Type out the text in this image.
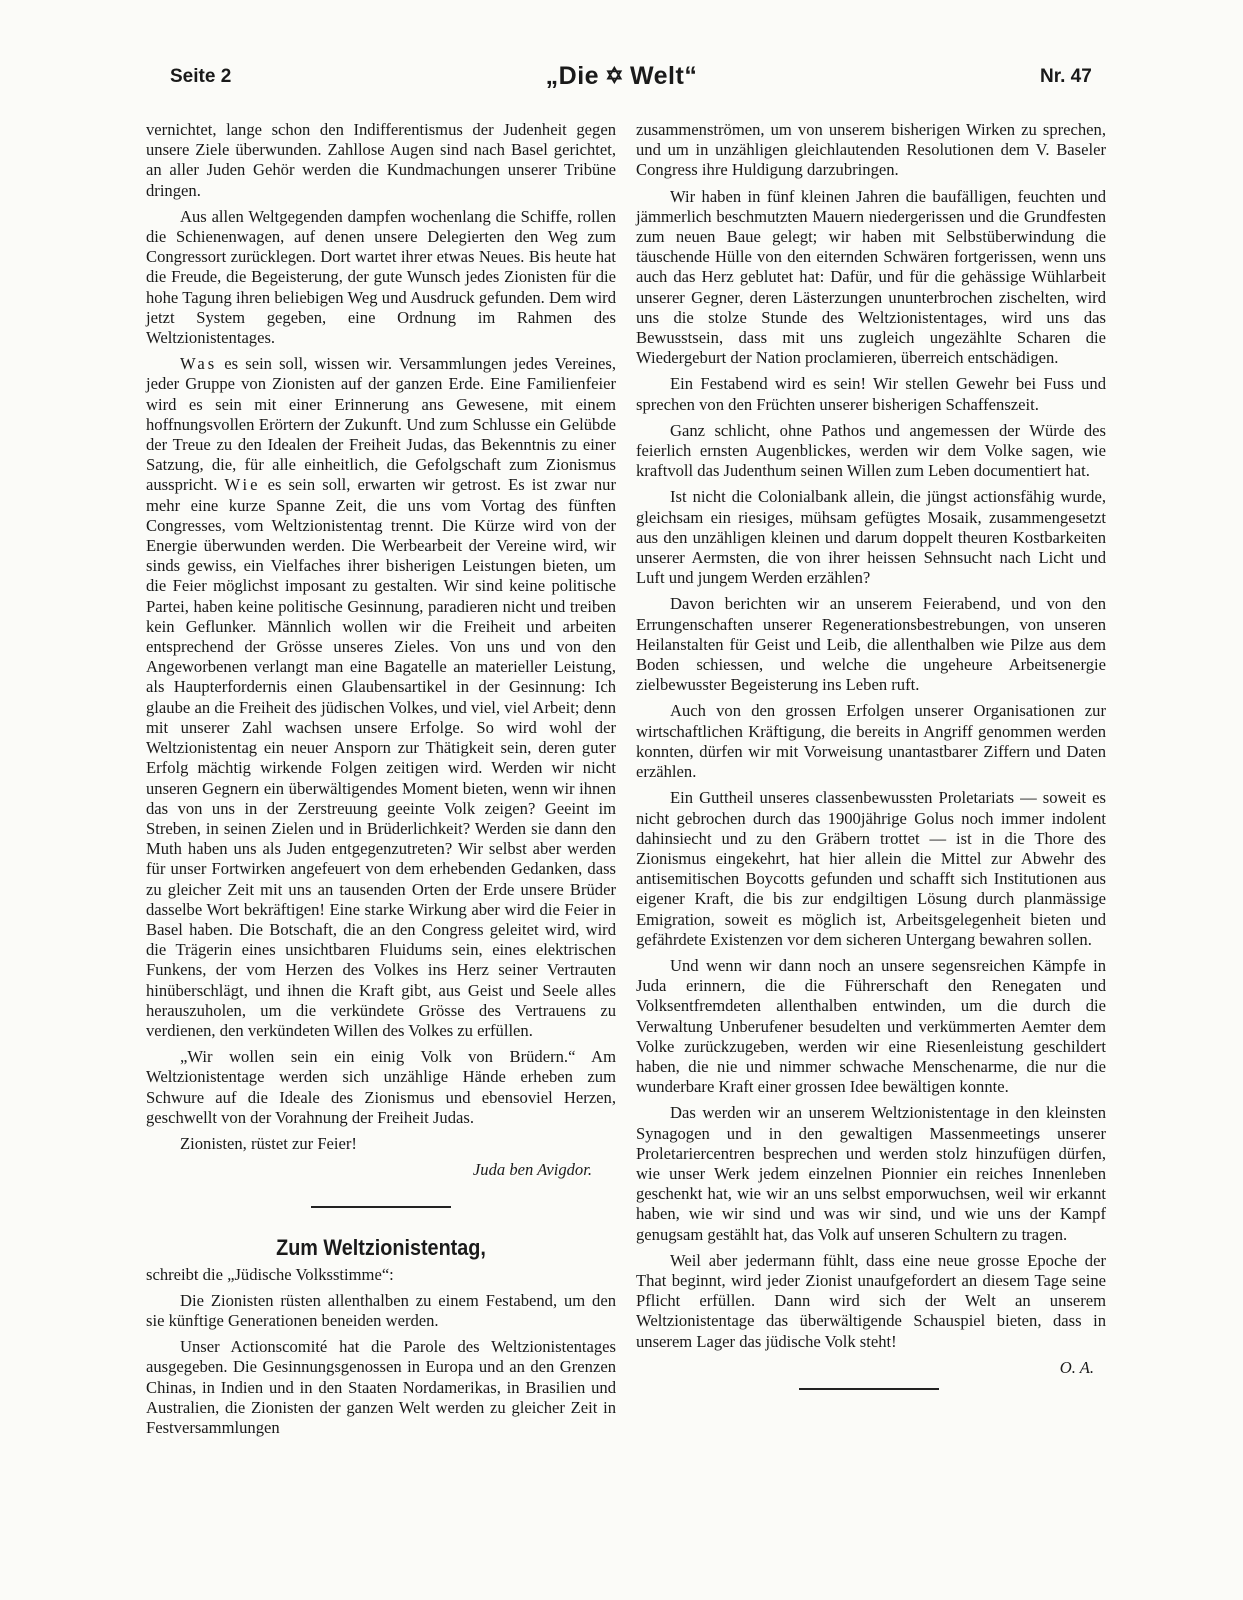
Seite 2	„Die ✡ Welt“	Nr. 47

vernichtet, lange schon den Indifferentismus der Judenheit gegen unsere Ziele überwunden. Zahllose Augen sind nach Basel gerichtet, an aller Juden Gehör werden die Kundmachungen unserer Tribüne dringen.

Aus allen Weltgegenden dampfen wochenlang die Schiffe, rollen die Schienenwagen, auf denen unsere Delegierten den Weg zum Congressort zurücklegen. Dort wartet ihrer etwas Neues. Bis heute hat die Freude, die Begeisterung, der gute Wunsch jedes Zionisten für die hohe Tagung ihren beliebigen Weg und Ausdruck gefunden. Dem wird jetzt System gegeben, eine Ordnung im Rahmen des Weltzionistentages.

Was es sein soll, wissen wir. Versammlungen jedes Vereines, jeder Gruppe von Zionisten auf der ganzen Erde. Eine Familienfeier wird es sein mit einer Erinnerung ans Gewesene, mit einem hoffnungsvollen Erörtern der Zukunft. Und zum Schlusse ein Gelübde der Treue zu den Idealen der Freiheit Judas, das Bekenntnis zu einer Satzung, die, für alle einheitlich, die Gefolgschaft zum Zionismus ausspricht. Wie es sein soll, erwarten wir getrost. Es ist zwar nur mehr eine kurze Spanne Zeit, die uns vom Vortag des fünften Congresses, vom Weltzionistentag trennt. Die Kürze wird von der Energie überwunden werden. Die Werbearbeit der Vereine wird, wir sinds gewiss, ein Vielfaches ihrer bisherigen Leistungen bieten, um die Feier möglichst imposant zu gestalten. Wir sind keine politische Partei, haben keine politische Gesinnung, paradieren nicht und treiben kein Geflunker. Männlich wollen wir die Freiheit und arbeiten entsprechend der Grösse unseres Zieles. Von uns und von den Angeworbenen verlangt man eine Bagatelle an materieller Leistung, als Haupterfordernis einen Glaubensartikel in der Gesinnung: Ich glaube an die Freiheit des jüdischen Volkes, und viel, viel Arbeit; denn mit unserer Zahl wachsen unsere Erfolge. So wird wohl der Weltzionistentag ein neuer Ansporn zur Thätigkeit sein, deren guter Erfolg mächtig wirkende Folgen zeitigen wird. Werden wir nicht unseren Gegnern ein überwältigendes Moment bieten, wenn wir ihnen das von uns in der Zerstreuung geeinte Volk zeigen? Geeint im Streben, in seinen Zielen und in Brüderlichkeit? Werden sie dann den Muth haben uns als Juden entgegenzutreten? Wir selbst aber werden für unser Fortwirken angefeuert von dem erhebenden Gedanken, dass zu gleicher Zeit mit uns an tausenden Orten der Erde unsere Brüder dasselbe Wort bekräftigen! Eine starke Wirkung aber wird die Feier in Basel haben. Die Botschaft, die an den Congress geleitet wird, wird die Trägerin eines unsichtbaren Fluidums sein, eines elektrischen Funkens, der vom Herzen des Volkes ins Herz seiner Vertrauten hinüberschlägt, und ihnen die Kraft gibt, aus Geist und Seele alles herauszuholen, um die verkündete Grösse des Vertrauens zu verdienen, den verkündeten Willen des Volkes zu erfüllen.

„Wir wollen sein ein einig Volk von Brüdern.“ Am Weltzionistentage werden sich unzählige Hände erheben zum Schwure auf die Ideale des Zionismus und ebensoviel Herzen, geschwellt von der Vorahnung der Freiheit Judas.

Zionisten, rüstet zur Feier!

Juda ben Avigdor.
Zum Weltzionistentag,

schreibt die „Jüdische Volksstimme“:

Die Zionisten rüsten allenthalben zu einem Festabend, um den sie künftige Generationen beneiden werden.

Unser Actionscomité hat die Parole des Weltzionistentages ausgegeben. Die Gesinnungsgenossen in Europa und an den Grenzen Chinas, in Indien und in den Staaten Nordamerikas, in Brasilien und Australien, die Zionisten der ganzen Welt werden zu gleicher Zeit in Festversammlungen

zusammenströmen, um von unserem bisherigen Wirken zu sprechen, und um in unzähligen gleichlautenden Resolutionen dem V. Baseler Congress ihre Huldigung darzubringen.

Wir haben in fünf kleinen Jahren die baufälligen, feuchten und jämmerlich beschmutzten Mauern niedergerissen und die Grundfesten zum neuen Baue gelegt; wir haben mit Selbstüberwindung die täuschende Hülle von den eiternden Schwären fortgerissen, wenn uns auch das Herz geblutet hat: Dafür, und für die gehässige Wühlarbeit unserer Gegner, deren Lästerzungen ununterbrochen zischelten, wird uns die stolze Stunde des Weltzionistentages, wird uns das Bewusstsein, dass mit uns zugleich ungezählte Scharen die Wiedergeburt der Nation proclamieren, überreich entschädigen.

Ein Festabend wird es sein! Wir stellen Gewehr bei Fuss und sprechen von den Früchten unserer bisherigen Schaffenszeit.

Ganz schlicht, ohne Pathos und angemessen der Würde des feierlich ernsten Augenblickes, werden wir dem Volke sagen, wie kraftvoll das Judenthum seinen Willen zum Leben documentiert hat.

Ist nicht die Colonialbank allein, die jüngst actionsfähig wurde, gleichsam ein riesiges, mühsam gefügtes Mosaik, zusammengesetzt aus den unzähligen kleinen und darum doppelt theuren Kostbarkeiten unserer Aermsten, die von ihrer heissen Sehnsucht nach Licht und Luft und jungem Werden erzählen?

Davon berichten wir an unserem Feierabend, und von den Errungenschaften unserer Regenerationsbestrebungen, von unseren Heilanstalten für Geist und Leib, die allenthalben wie Pilze aus dem Boden schiessen, und welche die ungeheure Arbeitsenergie zielbewusster Begeisterung ins Leben ruft.

Auch von den grossen Erfolgen unserer Organisationen zur wirtschaftlichen Kräftigung, die bereits in Angriff genommen werden konnten, dürfen wir mit Vorweisung unantastbarer Ziffern und Daten erzählen.

Ein Guttheil unseres classenbewussten Proletariats — soweit es nicht gebrochen durch das 1900jährige Golus noch immer indolent dahinsiecht und zu den Gräbern trottet — ist in die Thore des Zionismus eingekehrt, hat hier allein die Mittel zur Abwehr des antisemitischen Boycotts gefunden und schafft sich Institutionen aus eigener Kraft, die bis zur endgiltigen Lösung durch planmässige Emigration, soweit es möglich ist, Arbeitsgelegenheit bieten und gefährdete Existenzen vor dem sicheren Untergang bewahren sollen.

Und wenn wir dann noch an unsere segensreichen Kämpfe in Juda erinnern, die die Führerschaft den Renegaten und Volksentfremdeten allenthalben entwinden, um die durch die Verwaltung Unberufener besudelten und verkümmerten Aemter dem Volke zurückzugeben, werden wir eine Riesenleistung geschildert haben, die nie und nimmer schwache Menschenarme, die nur die wunderbare Kraft einer grossen Idee bewältigen konnte.

Das werden wir an unserem Weltzionistentage in den kleinsten Synagogen und in den gewaltigen Massenmeetings unserer Proletariercentren besprechen und werden stolz hinzufügen dürfen, wie unser Werk jedem einzelnen Pionnier ein reiches Innenleben geschenkt hat, wie wir an uns selbst emporwuchsen, weil wir erkannt haben, wie wir sind und was wir sind, und wie uns der Kampf genugsam gestählt hat, das Volk auf unseren Schultern zu tragen.

Weil aber jedermann fühlt, dass eine neue grosse Epoche der That beginnt, wird jeder Zionist unaufgefordert an diesem Tage seine Pflicht erfüllen. Dann wird sich der Welt an unserem Weltzionistentage das überwältigende Schauspiel bieten, dass in unserem Lager das jüdische Volk steht!

O. A.
